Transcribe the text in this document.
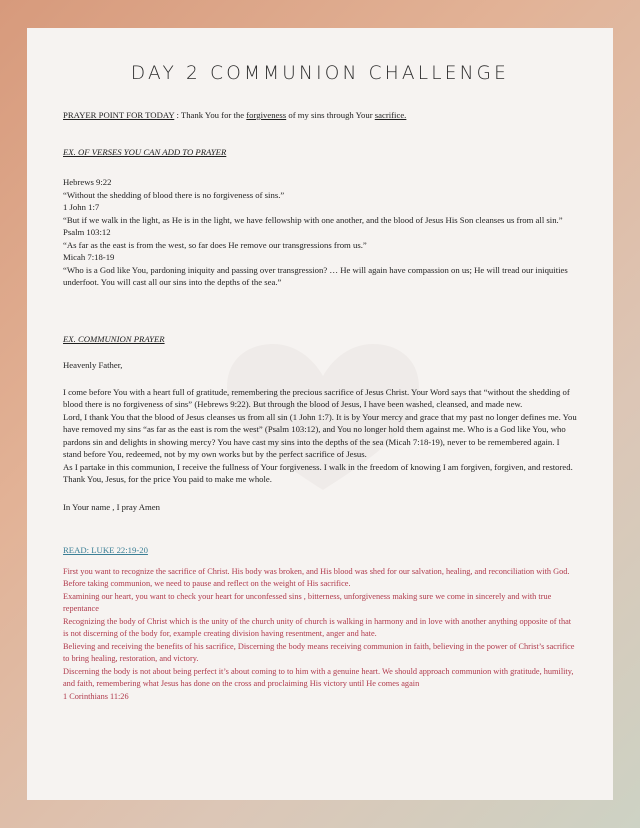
DAY 2 COMMUNION CHALLENGE
PRAYER POINT FOR TODAY : Thank You for the forgiveness of my sins through Your sacrifice.
EX. OF VERSES YOU CAN ADD TO PRAYER

Hebrews 9:22

“Without the shedding of blood there is no forgiveness of sins.”

1 John 1:7

“But if we walk in the light, as He is in the light, we have fellowship with one another, and the blood of Jesus His Son cleanses us from all sin.”

Psalm 103:12

“As far as the east is from the west, so far does He remove our transgressions from us.”

Micah 7:18-19

“Who is a God like You, pardoning iniquity and passing over transgression? … He will again have compassion on us; He will tread our iniquities underfoot. You will cast all our sins into the depths of the sea.”

EX. COMMUNION PRAYER
Heavenly Father,

I come before You with a heart full of gratitude, remembering the precious sacrifice of Jesus Christ. Your Word says that “without the shedding of blood there is no forgiveness of sins” (Hebrews 9:22). But through the blood of Jesus, I have been washed, cleansed, and made new.

Lord, I thank You that the blood of Jesus cleanses us from all sin (1 John 1:7). It is by Your mercy and grace that my past no longer defines me. You have removed my sins “as far as the east is rom the west” (Psalm 103:12), and You no longer hold them against me. Who is a God like You, who pardons sin and delights in showing mercy? You have cast my sins into the depths of the sea (Micah 7:18-19), never to be remembered again. I stand before You, redeemed, not by my own works but by the perfect sacrifice of Jesus.

As I partake in this communion, I receive the fullness of Your forgiveness. I walk in the freedom of knowing I am forgiven, forgiven, and restored. Thank You, Jesus, for the price You paid to make me whole.

In Your name , I pray Amen
READ: LUKE 22:19-20

First you want to recognize the sacrifice of Christ. His body was broken, and His blood was shed for our salvation, healing, and reconciliation with God. Before taking communion, we need to pause and reflect on the weight of His sacrifice.

Examining our heart, you want to check your heart for unconfessed sins , bitterness, unforgiveness making sure we come in sincerely and with true repentance

Recognizing the body of Christ which is the unity of the church unity of church is walking in harmony and in love with another anything opposite of that is not discerning of the body for, example creating division having resentment, anger and hate.

Believing and receiving the benefits of his sacrifice, Discerning the body means receiving communion in faith, believing in the power of Christ’s sacrifice to bring healing, restoration, and victory.

Discerning the body is not about being perfect it’s about coming to to him with a genuine heart. We should approach communion with gratitude, humility, and faith, remembering what Jesus has done on the cross and proclaiming His victory until He comes again

1 Corinthians 11:26
